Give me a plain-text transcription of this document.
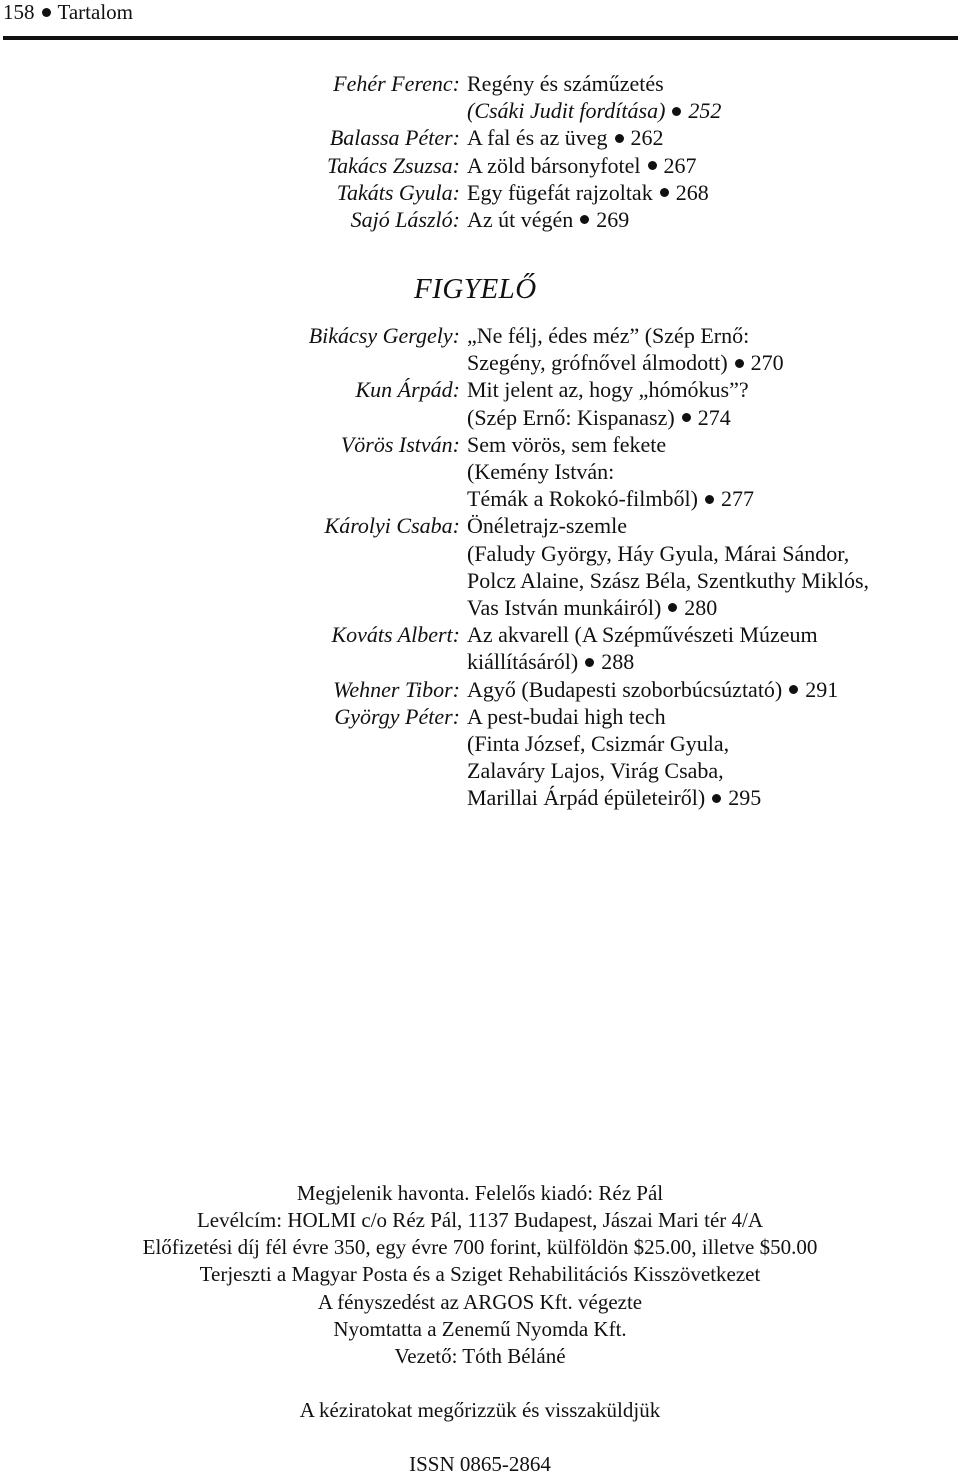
158 Tartalom
Fehér Ferenc: Regény és száműzetés
(Csáki Judit fordítása) 252
Balassa Péter: A fal és az üveg 262
Takács Zsuzsa: A zöld bársonyfotel 267
Takáts Gyula: Egy fügefát rajzoltak 268
Sajó László: Az út végén 269
Bikácsy Gergely: „Ne félj, édes méz” (Szép Ernő:
Szegény, grófnővel álmodott) 270
Kun Árpád: Mit jelent az, hogy „hómókus”?
(Szép Ernő: Kispanasz) 274
Vörös István: Sem vörös, sem fekete
(Kemény István:
Témák a Rokokó-filmből) 277
Károlyi Csaba: Önéletrajz-szemle
(Faludy György, Háy Gyula, Márai Sándor,
Polcz Alaine, Szász Béla, Szentkuthy Miklós,
Vas István munkáiról) 280
Kováts Albert: Az akvarell (A Szépművészeti Múzeum
kiállításáról) 288
Wehner Tibor: Agyő (Budapesti szoborbúcsúztató) 291
György Péter: A pest-budai high tech
(Finta József, Csizmár Gyula,
Zalaváry Lajos, Virág Csaba,
Marillai Árpád épületeiről) 295
FIGYELŐ
Megjelenik havonta. Felelős kiadó: Réz Pál
Levélcím: HOLMI c/o Réz Pál, 1137 Budapest, Jászai Mari tér 4/A
Előfizetési díj fél évre 350, egy évre 700 forint, külföldön $25.00, illetve $50.00
Terjeszti a Magyar Posta és a Sziget Rehabilitációs Kisszövetkezet
A fényszedést az ARGOS Kft. végezte
Nyomtatta a Zenemű Nyomda Kft.
Vezető: Tóth Béláné
A kéziratokat megőrizzük és visszaküldjük
ISSN 0865-2864
